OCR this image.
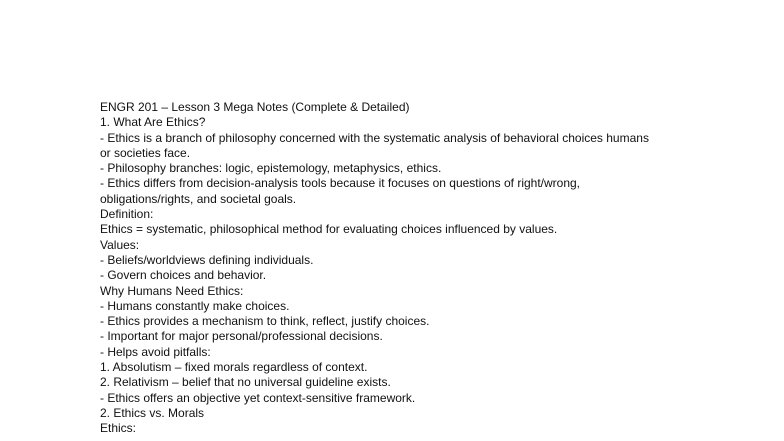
ENGR 201 – Lesson 3 Mega Notes (Complete & Detailed)
1. What Are Ethics?
- Ethics is a branch of philosophy concerned with the systematic analysis of behavioral choices humans
or societies face.
- Philosophy branches: logic, epistemology, metaphysics, ethics.
- Ethics differs from decision-analysis tools because it focuses on questions of right/wrong,
obligations/rights, and societal goals.
Definition:
Ethics = systematic, philosophical method for evaluating choices influenced by values.
Values:
- Beliefs/worldviews defining individuals.
- Govern choices and behavior.
Why Humans Need Ethics:
- Humans constantly make choices.
- Ethics provides a mechanism to think, reflect, justify choices.
- Important for major personal/professional decisions.
- Helps avoid pitfalls:
1. Absolutism – fixed morals regardless of context.
2. Relativism – belief that no universal guideline exists.
- Ethics offers an objective yet context-sensitive framework.
2. Ethics vs. Morals
Ethics:
